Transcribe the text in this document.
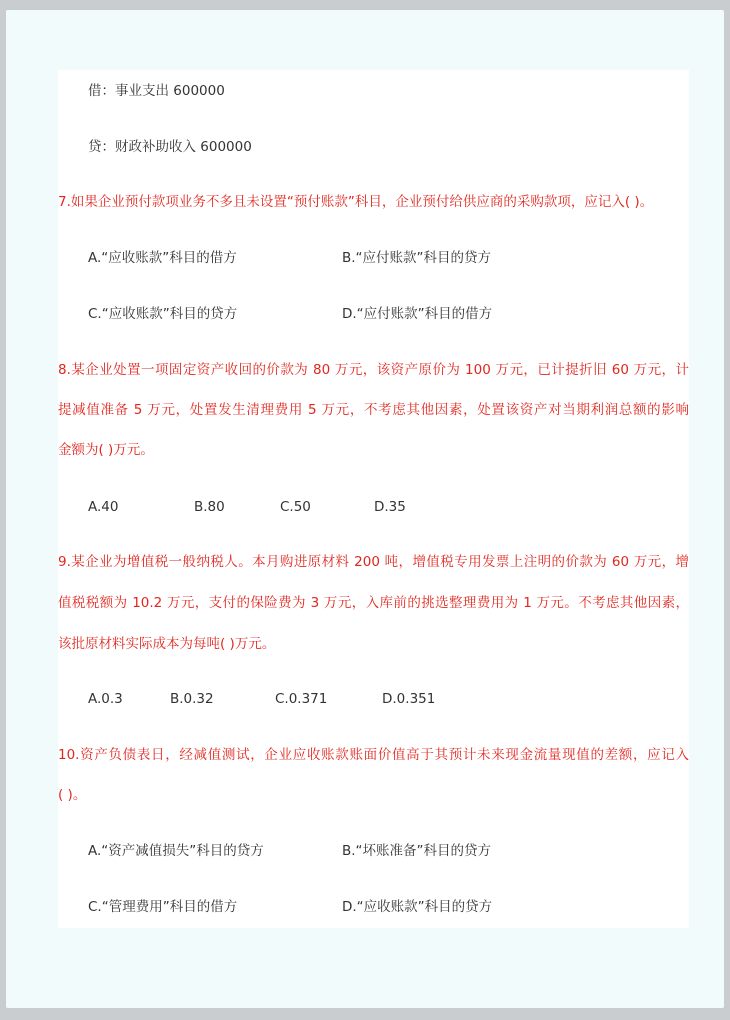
借：事业支出 600000
贷：财政补助收入 600000
7.如果企业预付款项业务不多且未设置“预付账款”科目，企业预付给供应商的采购款项，应记入( )。
A.“应收账款”科目的借方	B.“应付账款”科目的贷方
C.“应收账款”科目的贷方	D.“应付账款”科目的借方
8.某企业处置一项固定资产收回的价款为 80 万元，该资产原价为 100 万元，已计提折旧 60 万元，计
提减值准备 5 万元，处置发生清理费用 5 万元，不考虑其他因素，处置该资产对当期利润总额的影响
金额为( )万元。
A.40	B.80	C.50	D.35
9.某企业为增值税一般纳税人。本月购进原材料 200 吨，增值税专用发票上注明的价款为 60 万元，增
值税税额为 10.2 万元，支付的保险费为 3 万元，入库前的挑选整理费用为 1 万元。不考虑其他因素，
该批原材料实际成本为每吨( )万元。
A.0.3	B.0.32	C.0.371	D.0.351
10.资产负债表日，经减值测试，企业应收账款账面价值高于其预计未来现金流量现值的差额，应记入
( )。
A.“资产减值损失”科目的贷方	B.“坏账准备”科目的贷方
C.“管理费用”科目的借方	D.“应收账款”科目的贷方
